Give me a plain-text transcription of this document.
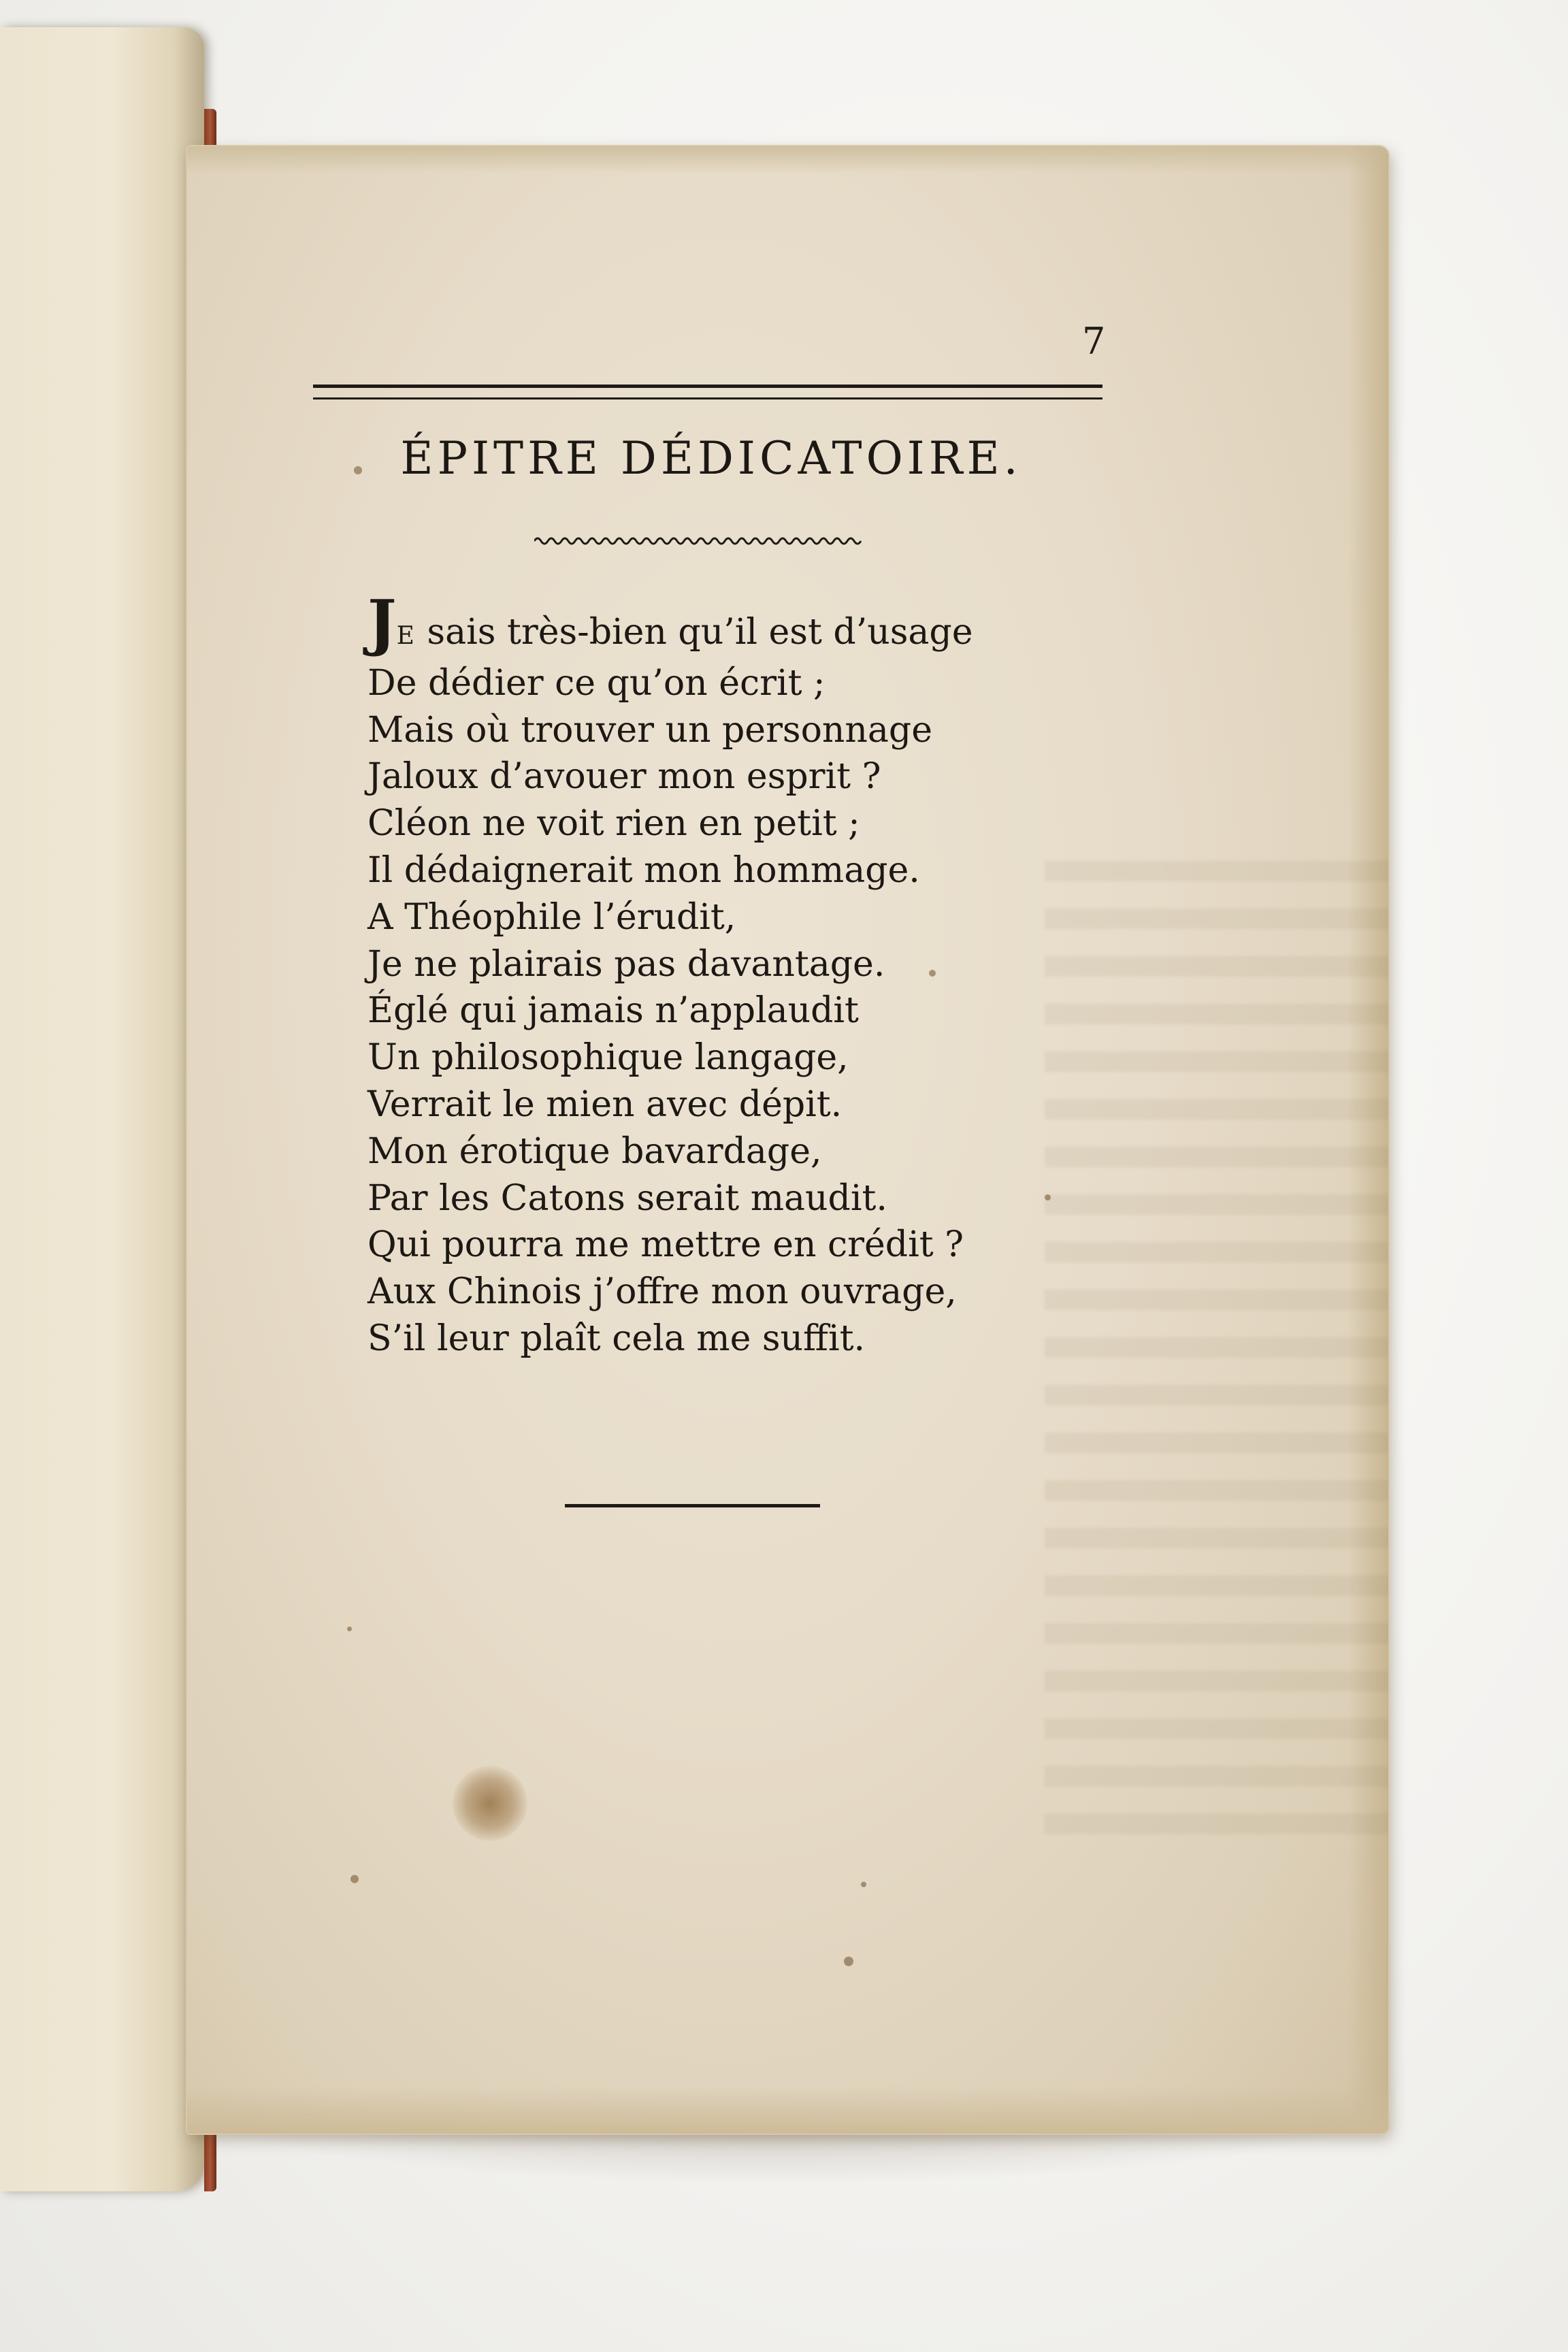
7
ÉPITRE DÉDICATOIRE.
JE sais très-bien qu’il est d’usage
De dédier ce qu’on écrit ;
Mais où trouver un personnage
Jaloux d’avouer mon esprit ?
Cléon ne voit rien en petit ;
Il dédaignerait mon hommage.
A Théophile l’érudit,
Je ne plairais pas davantage.
Églé qui jamais n’applaudit
Un philosophique langage,
Verrait le mien avec dépit.
Mon érotique bavardage,
Par les Catons serait maudit.
Qui pourra me mettre en crédit ?
Aux Chinois j’offre mon ouvrage,
S’il leur plaît cela me suffit.
